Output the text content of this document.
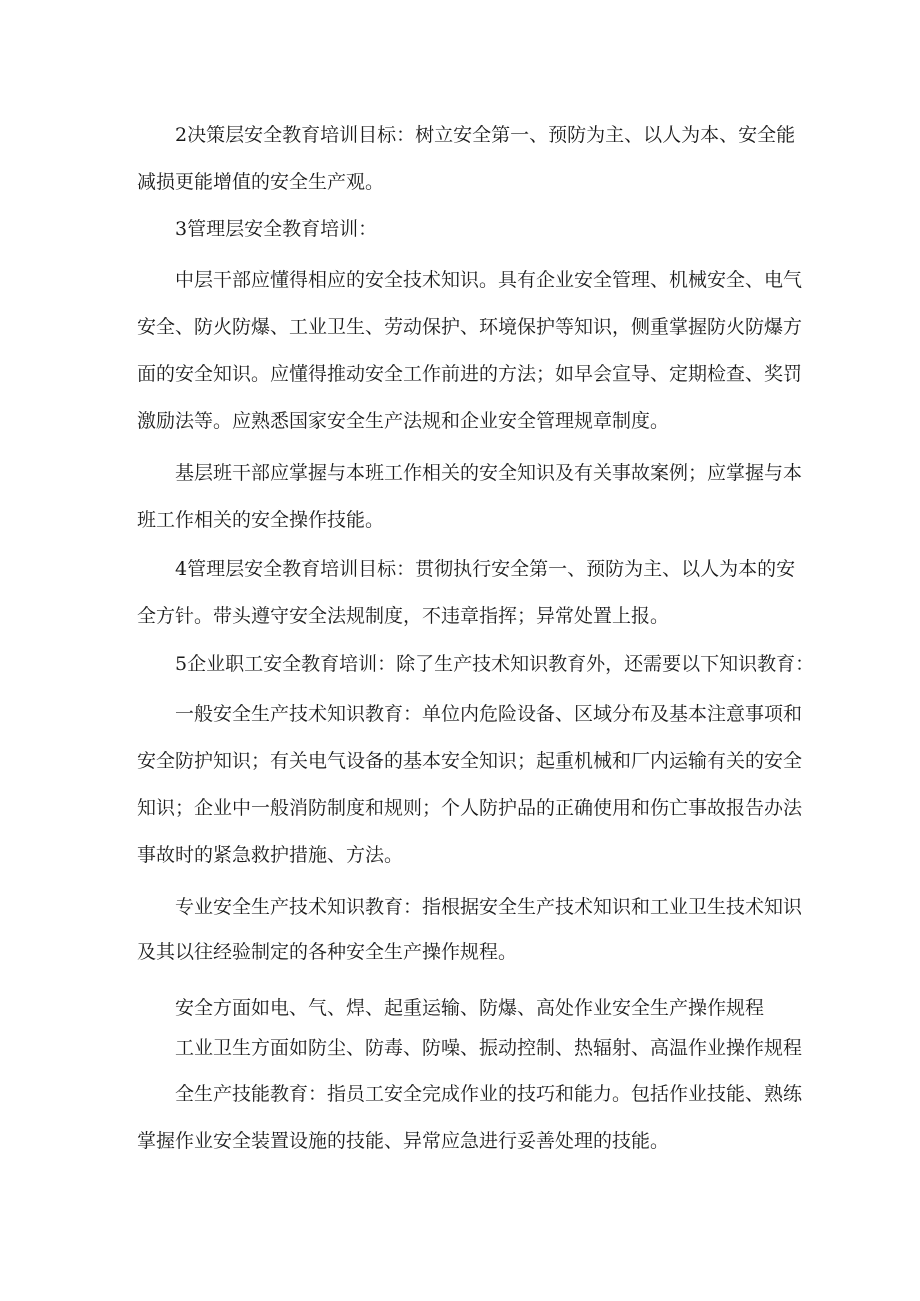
2决策层安全教育培训目标：树立安全第一、预防为主、以人为本、安全能
减损更能增值的安全生产观。
3管理层安全教育培训：
中层干部应懂得相应的安全技术知识。具有企业安全管理、机械安全、电气
安全、防火防爆、工业卫生、劳动保护、环境保护等知识，侧重掌握防火防爆方
面的安全知识。应懂得推动安全工作前进的方法；如早会宣导、定期检查、奖罚
激励法等。应熟悉国家安全生产法规和企业安全管理规章制度。
基层班干部应掌握与本班工作相关的安全知识及有关事故案例；应掌握与本
班工作相关的安全操作技能。
4管理层安全教育培训目标：贯彻执行安全第一、预防为主、以人为本的安
全方针。带头遵守安全法规制度，不违章指挥；异常处置上报。
5企业职工安全教育培训：除了生产技术知识教育外，还需要以下知识教育：
一般安全生产技术知识教育：单位内危险设备、区域分布及基本注意事项和
安全防护知识；有关电气设备的基本安全知识；起重机械和厂内运输有关的安全
知识；企业中一般消防制度和规则；个人防护品的正确使用和伤亡事故报告办法
事故时的紧急救护措施、方法。
专业安全生产技术知识教育：指根据安全生产技术知识和工业卫生技术知识
及其以往经验制定的各种安全生产操作规程。
安全方面如电、气、焊、起重运输、防爆、高处作业安全生产操作规程
工业卫生方面如防尘、防毒、防噪、振动控制、热辐射、高温作业操作规程
全生产技能教育：指员工安全完成作业的技巧和能力。包括作业技能、熟练
掌握作业安全装置设施的技能、异常应急进行妥善处理的技能。
